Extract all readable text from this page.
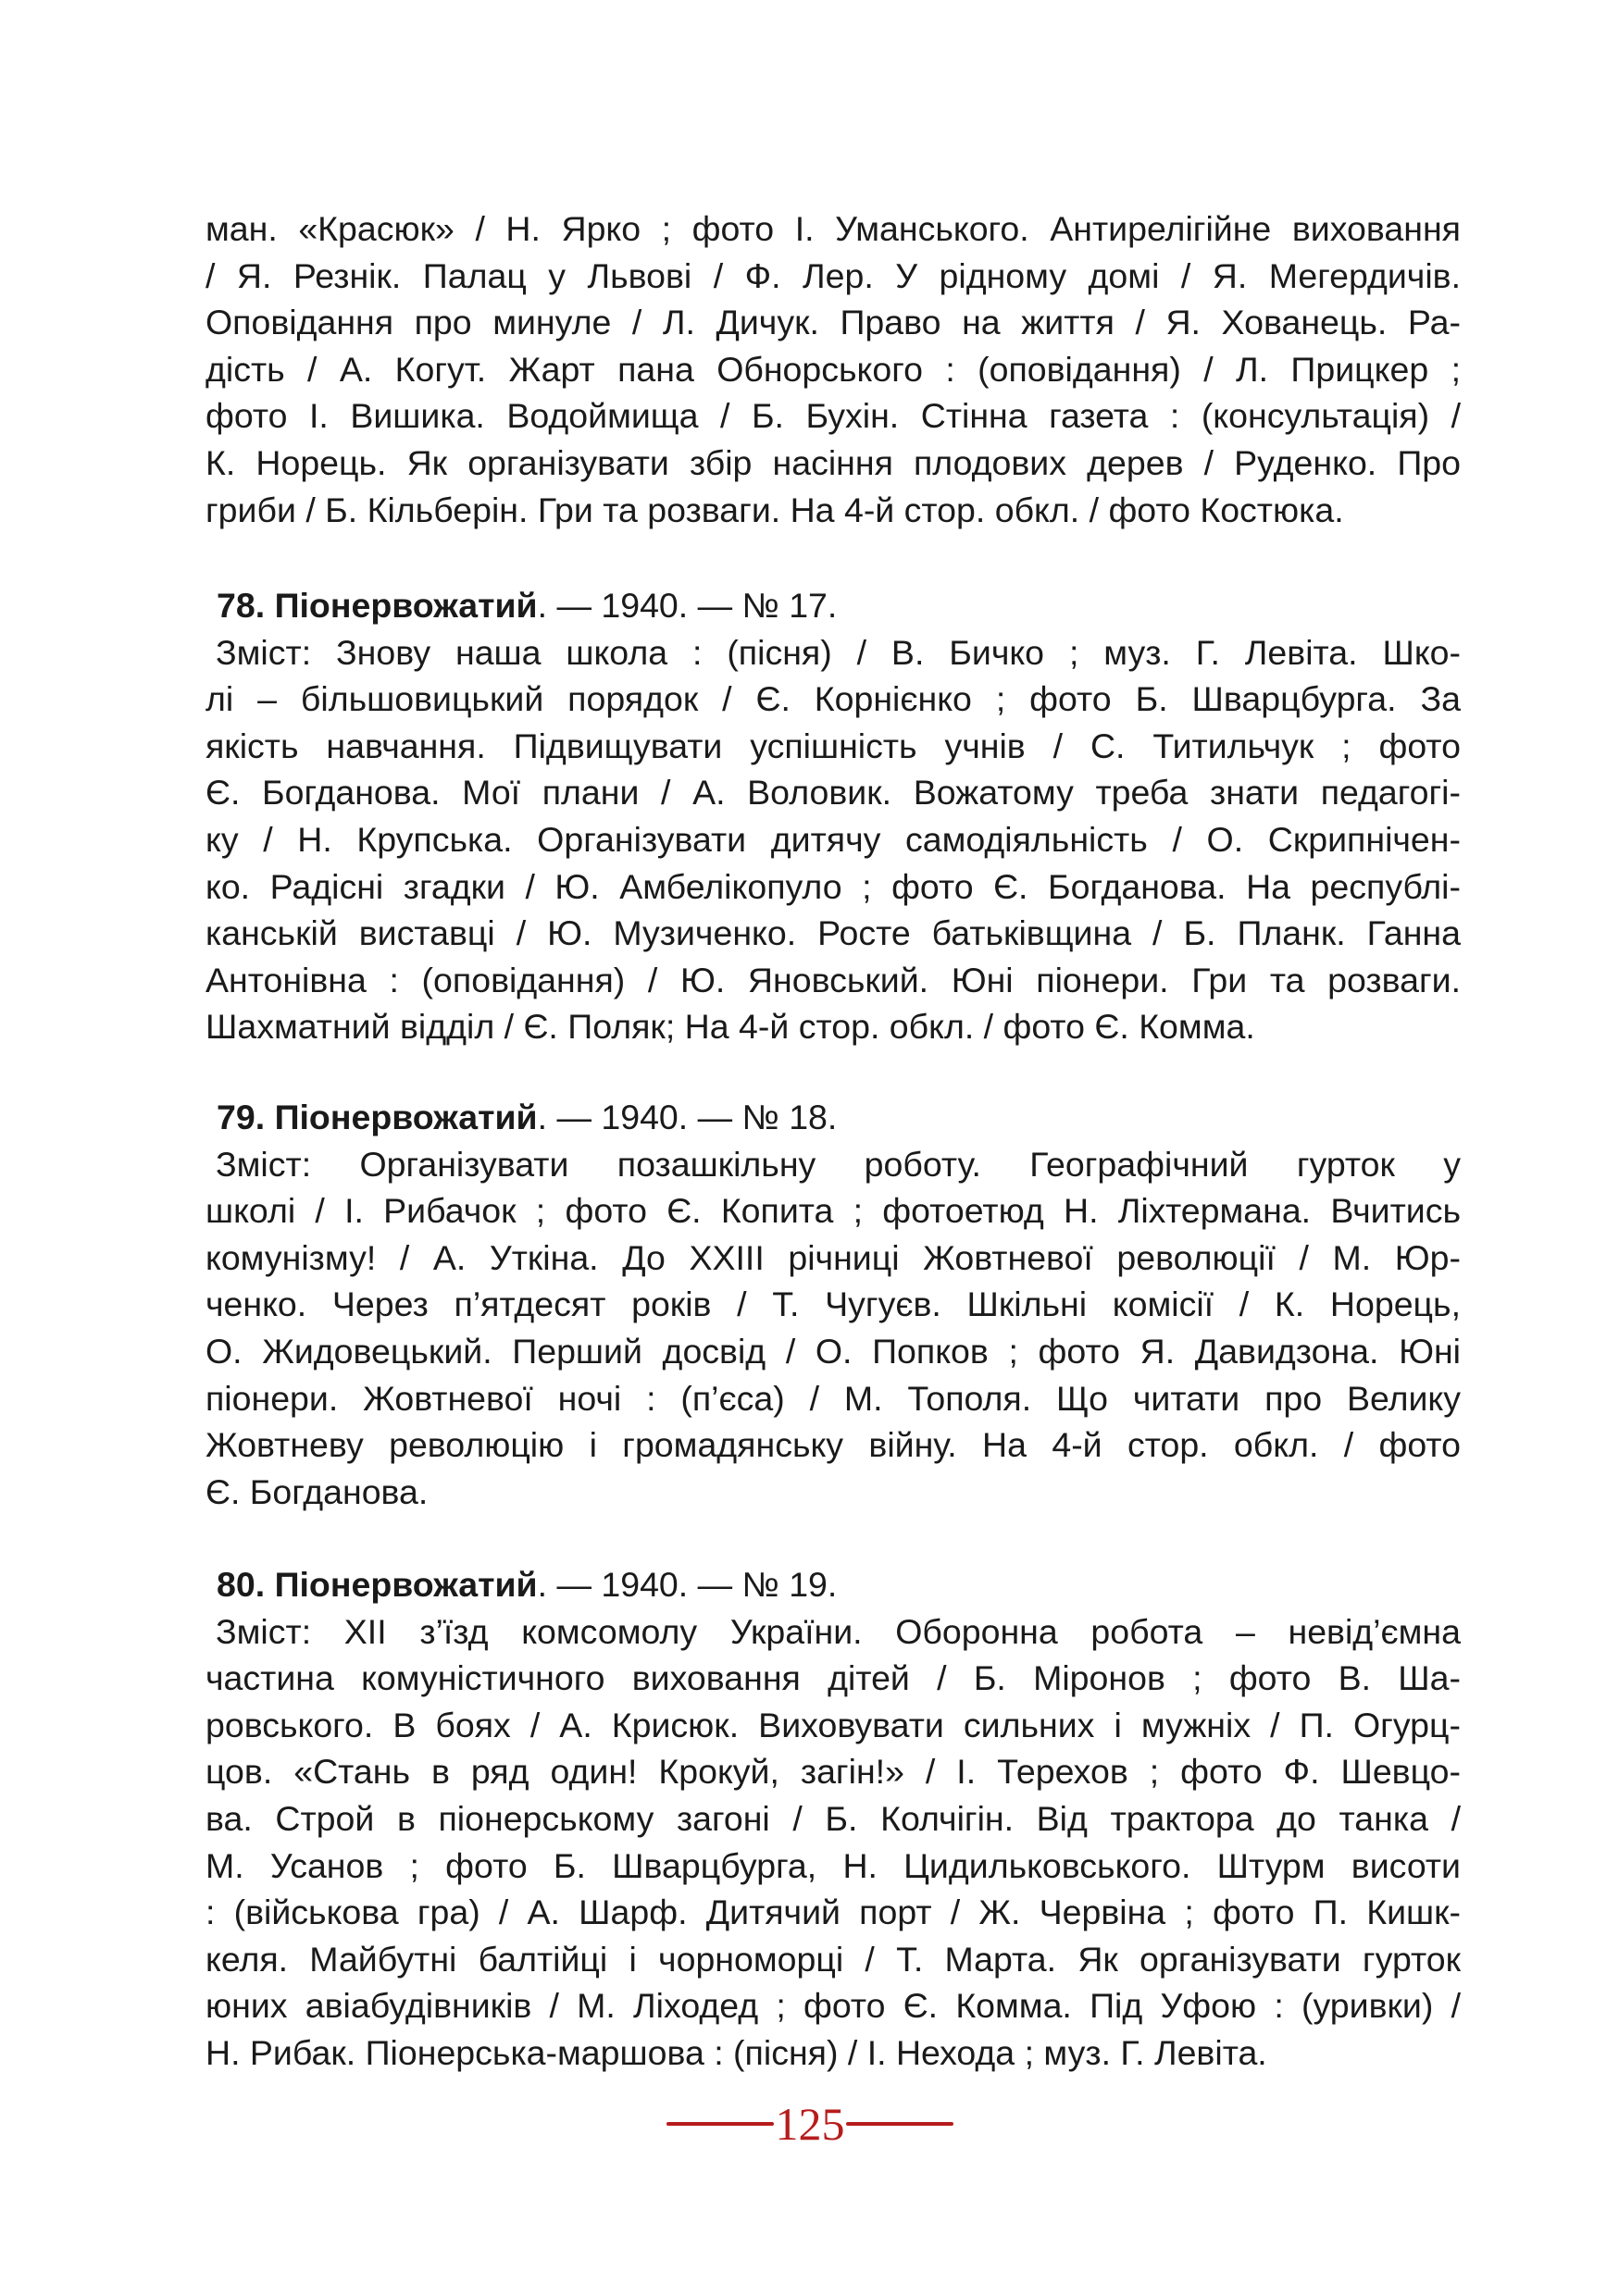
ман. «Красюк» / Н. Ярко ; фото І. Уманського. Антирелігійне виховання

/ Я. Резнік. Палац у Львові / Ф. Лер. У рідному домі / Я. Мегердичів.

Оповідання про минуле / Л. Дичук. Право на життя / Я. Хованець. Ра-

дість / А. Когут. Жарт пана Обнорського : (оповідання) / Л. Прицкер ;

фото І. Вишика. Водоймища / Б. Бухін. Стінна газета : (консультація) /

К. Норець. Як організувати збір насіння плодових дерев / Руденко. Про

гриби / Б. Кільберін. Гри та розваги. На 4-й стор. обкл. / фото Костюка.

78. Піонервожатий. — 1940. — № 17.

Зміст: Знову наша школа : (пісня) / В. Бичко ; муз. Г. Левіта. Шко-

лі – більшовицький порядок / Є. Корнієнко ; фото Б. Шварцбурга. За

якість навчання. Підвищувати успішність учнів / С. Титильчук ; фото

Є. Богданова. Мої плани / А. Воловик. Вожатому треба знати педагогі-

ку / Н. Крупська. Організувати дитячу самодіяльність / О. Скрипнічен-

ко. Радісні згадки / Ю. Амбелікопуло ; фото Є. Богданова. На республі-

канській виставці / Ю. Музиченко. Росте батьківщина / Б. Планк. Ганна

Антонівна : (оповідання) / Ю. Яновський. Юні піонери. Гри та розваги.

Шахматний відділ / Є. Поляк; На 4-й стор. обкл. / фото Є. Комма.

79. Піонервожатий. — 1940. — № 18.

Зміст: Організувати позашкільну роботу. Географічний гурток у

школі / І. Рибачок ; фото Є. Копита ; фотоетюд Н. Ліхтермана. Вчитись

комунізму! / А. Уткіна. До XXIII річниці Жовтневої революції / М. Юр-

ченко. Через п’ятдесят років / Т. Чугуєв. Шкільні комісії / К. Норець,

О. Жидовецький. Перший досвід / О. Попков ; фото Я. Давидзона. Юні

піонери. Жовтневої ночі : (п’єса) / М. Тополя. Що читати про Велику

Жовтневу революцію і громадянську війну. На 4-й стор. обкл. / фото

Є. Богданова.

80. Піонервожатий. — 1940. — № 19.

Зміст: XII з’їзд комсомолу України. Оборонна робота – невід’ємна

частина комуністичного виховання дітей / Б. Міронов ; фото В. Ша-

ровського. В боях / А. Крисюк. Виховувати сильних і мужніх / П. Огурц-

цов. «Стань в ряд один! Крокуй, загін!» / І. Терехов ; фото Ф. Шевцо-

ва. Строй в піонерському загоні / Б. Колчігін. Від трактора до танка /

М. Усанов ; фото Б. Шварцбурга, Н. Цидильковського. Штурм висоти

: (військова гра) / А. Шарф. Дитячий порт / Ж. Червіна ; фото П. Кишк-

келя. Майбутні балтійці і чорноморці / Т. Марта. Як організувати гурток

юних авіабудівників / М. Ліходед ; фото Є. Комма. Під Уфою : (уривки) /

Н. Рибак. Піонерська-маршова : (пісня) / І. Нехода ; муз. Г. Левіта.

125
